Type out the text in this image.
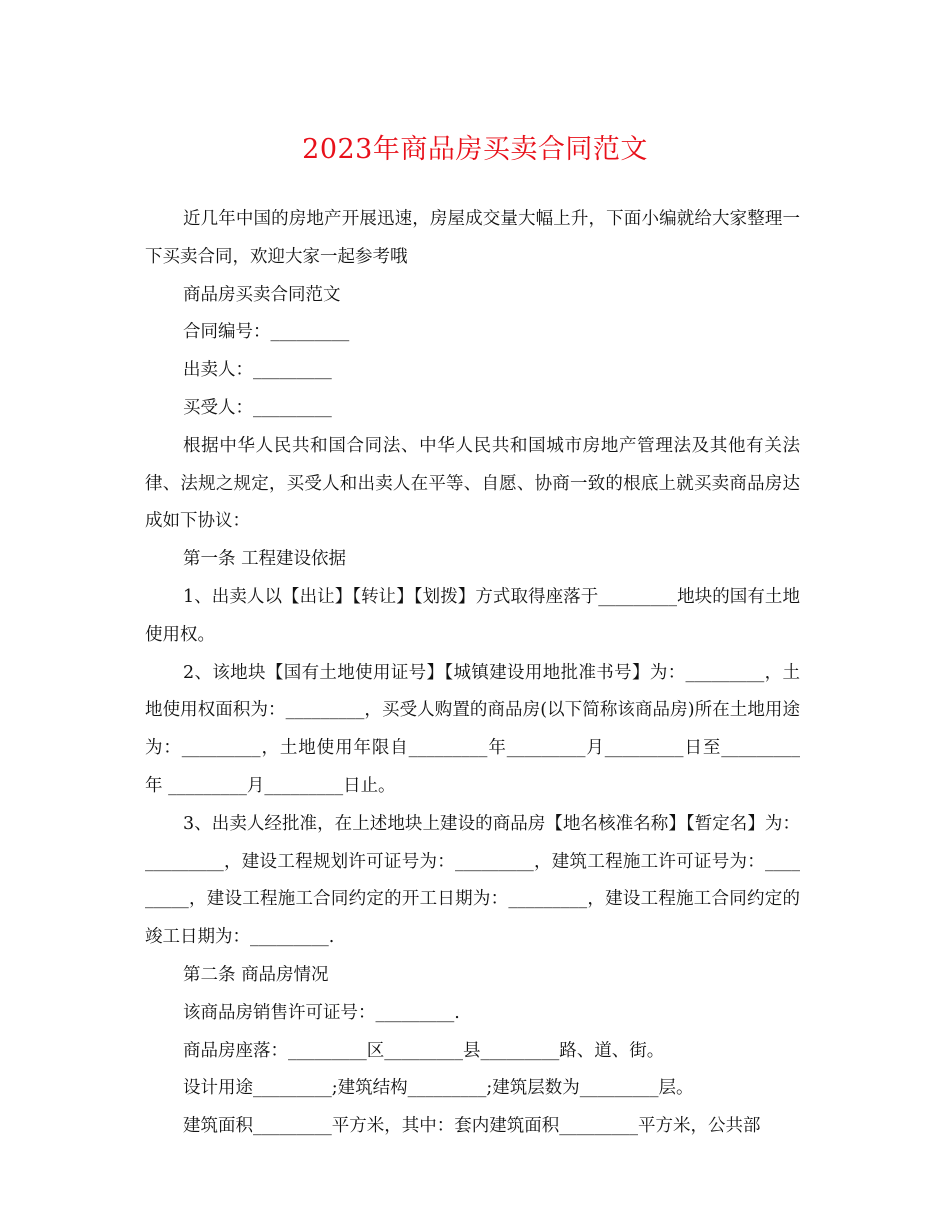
2023年商品房买卖合同范文

近几年中国的房地产开展迅速，房屋成交量大幅上升，下面小编就给大家整理一下买卖合同，欢迎大家一起参考哦

商品房买卖合同范文

合同编号：_________

出卖人：_________

买受人：_________

根据中华人民共和国合同法、中华人民共和国城市房地产管理法及其他有关法律、法规之规定，买受人和出卖人在平等、自愿、协商一致的根底上就买卖商品房达成如下协议：

第一条 工程建设依据

1、出卖人以【出让】【转让】【划拨】方式取得座落于_________地块的国有土地使用权。

2、该地块【国有土地使用证号】【城镇建设用地批准书号】为：_________，土地使用权面积为：_________，买受人购置的商品房(以下简称该商品房)所在土地用途为：_________，土地使用年限自_________年_________月_________日至_________年 _________月_________日止。

3、出卖人经批准，在上述地块上建设的商品房【地名核准名称】【暂定名】为：_________，建设工程规划许可证号为：_________，建筑工程施工许可证号为：_________，建设工程施工合同约定的开工日期为：_________，建设工程施工合同约定的竣工日期为：_________.

第二条 商品房情况

该商品房销售许可证号：_________.

商品房座落：_________区_________县_________路、道、街。

设计用途_________;建筑结构_________;建筑层数为_________层。

建筑面积_________平方米，其中：套内建筑面积_________平方米，公共部
